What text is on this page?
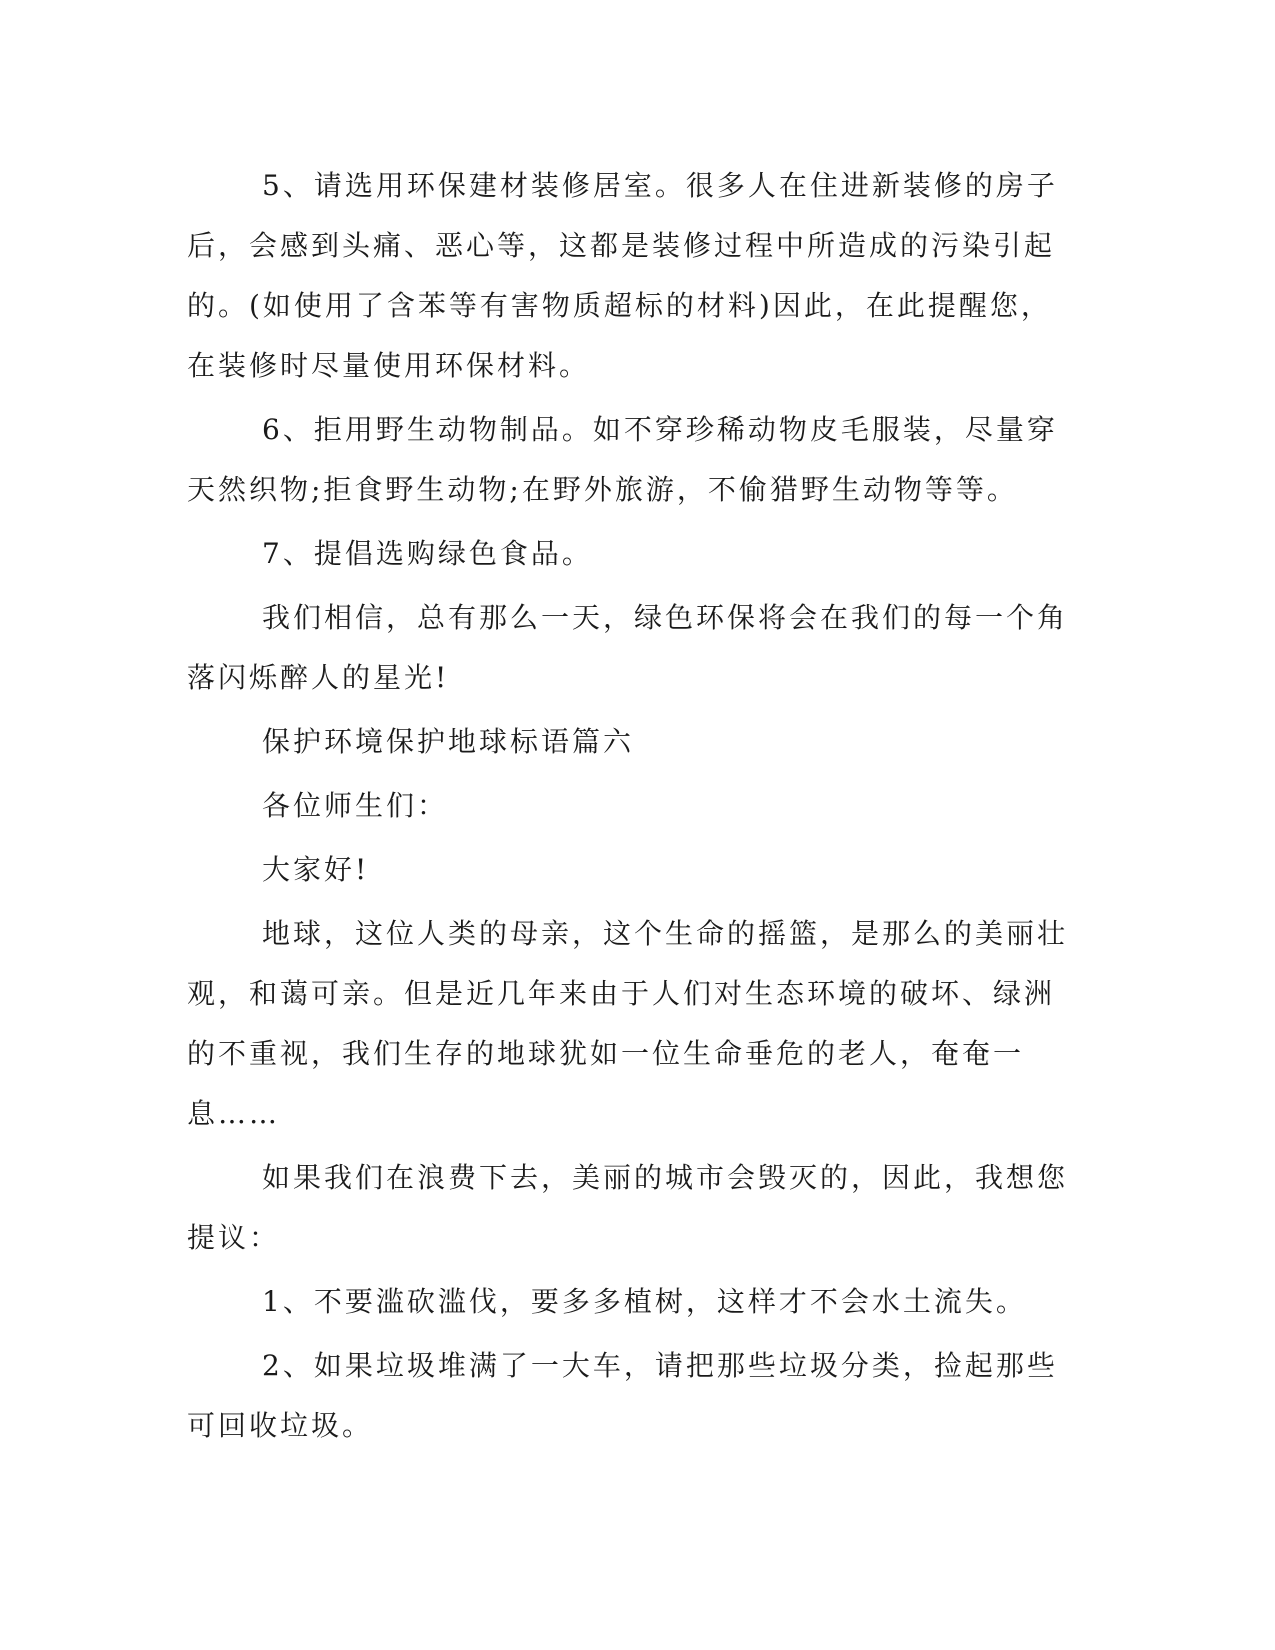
5、请选用环保建材装修居室。很多人在住进新装修的房子后，会感到头痛、恶心等，这都是装修过程中所造成的污染引起的。(如使用了含苯等有害物质超标的材料)因此，在此提醒您，在装修时尽量使用环保材料。

6、拒用野生动物制品。如不穿珍稀动物皮毛服装，尽量穿天然织物;拒食野生动物;在野外旅游，不偷猎野生动物等等。

7、提倡选购绿色食品。

我们相信，总有那么一天，绿色环保将会在我们的每一个角落闪烁醉人的星光!

保护环境保护地球标语篇六

各位师生们：

大家好!

地球，这位人类的母亲，这个生命的摇篮，是那么的美丽壮观，和蔼可亲。但是近几年来由于人们对生态环境的破坏、绿洲的不重视，我们生存的地球犹如一位生命垂危的老人，奄奄一息……

如果我们在浪费下去，美丽的城市会毁灭的，因此，我想您提议：

1、不要滥砍滥伐，要多多植树，这样才不会水土流失。

2、如果垃圾堆满了一大车，请把那些垃圾分类，捡起那些可回收垃圾。
